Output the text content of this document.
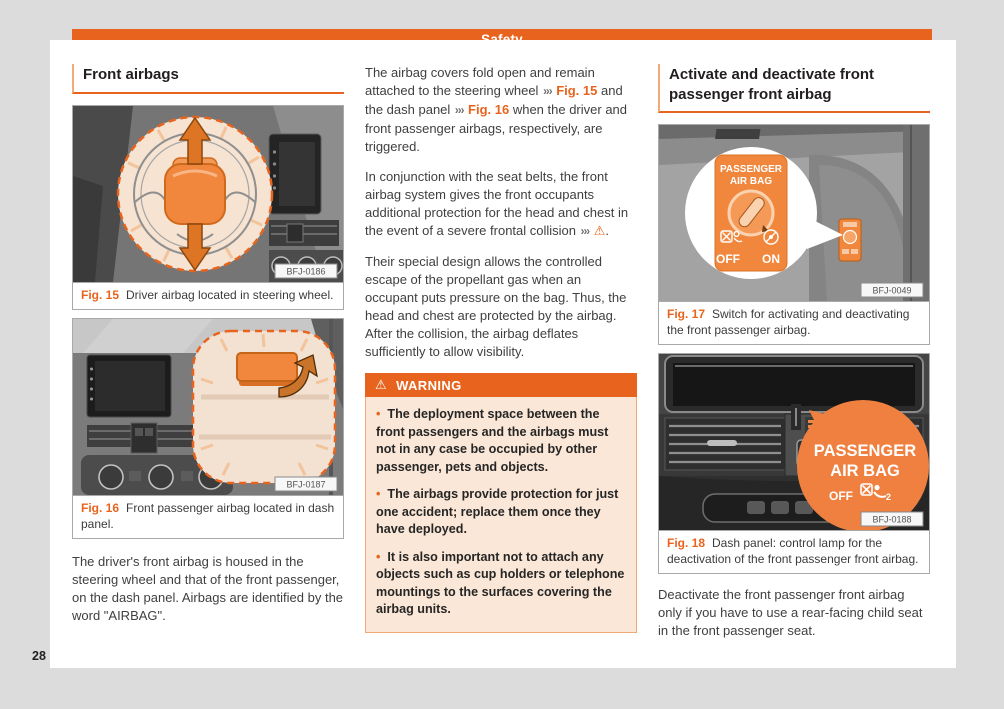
Front airbags
BFJ-0186
Fig. 15 Driver airbag located in steering wheel.
BFJ-0187
Fig. 16 Front passenger airbag located in dash panel.

The driver's front airbag is housed in the steering wheel and that of the front passenger, on the dash panel. Airbags are identified by the word "AIRBAG".

The airbag covers fold open and remain attached to the steering wheel ››› Fig. 15 and the dash panel ››› Fig. 16 when the driver and front passenger airbags, respectively, are triggered.

In conjunction with the seat belts, the front airbag system gives the front occupants additional protection for the head and chest in the event of a severe frontal collision ››› ⚠.

Their special design allows the controlled escape of the propellant gas when an occupant puts pressure on the bag. Thus, the head and chest are protected by the airbag. After the collision, the airbag deflates sufficiently to allow visibility.

⚠ WARNING
•  The deployment space between the front passengers and the airbags must not in any case be occupied by other passenger, pets and objects.
•  The airbags provide protection for just one accident; replace them once they have deployed.
•  It is also important not to attach any objects such as cup holders or telephone mountings to the surfaces covering the airbag units.
Activate and deactivate front passenger front airbag
PASSENGER
AIR BAG
OFF ON
BFJ-0049
Fig. 17 Switch for activating and deactivating the front passenger airbag.
PASSENGER
AIR BAG
OFF	2
BFJ-0188
Fig. 18 Dash panel: control lamp for the deactivation of the front passenger front airbag.

Deactivate the front passenger front airbag only if you have to use a rear-facing child seat in the front passenger seat.

28
